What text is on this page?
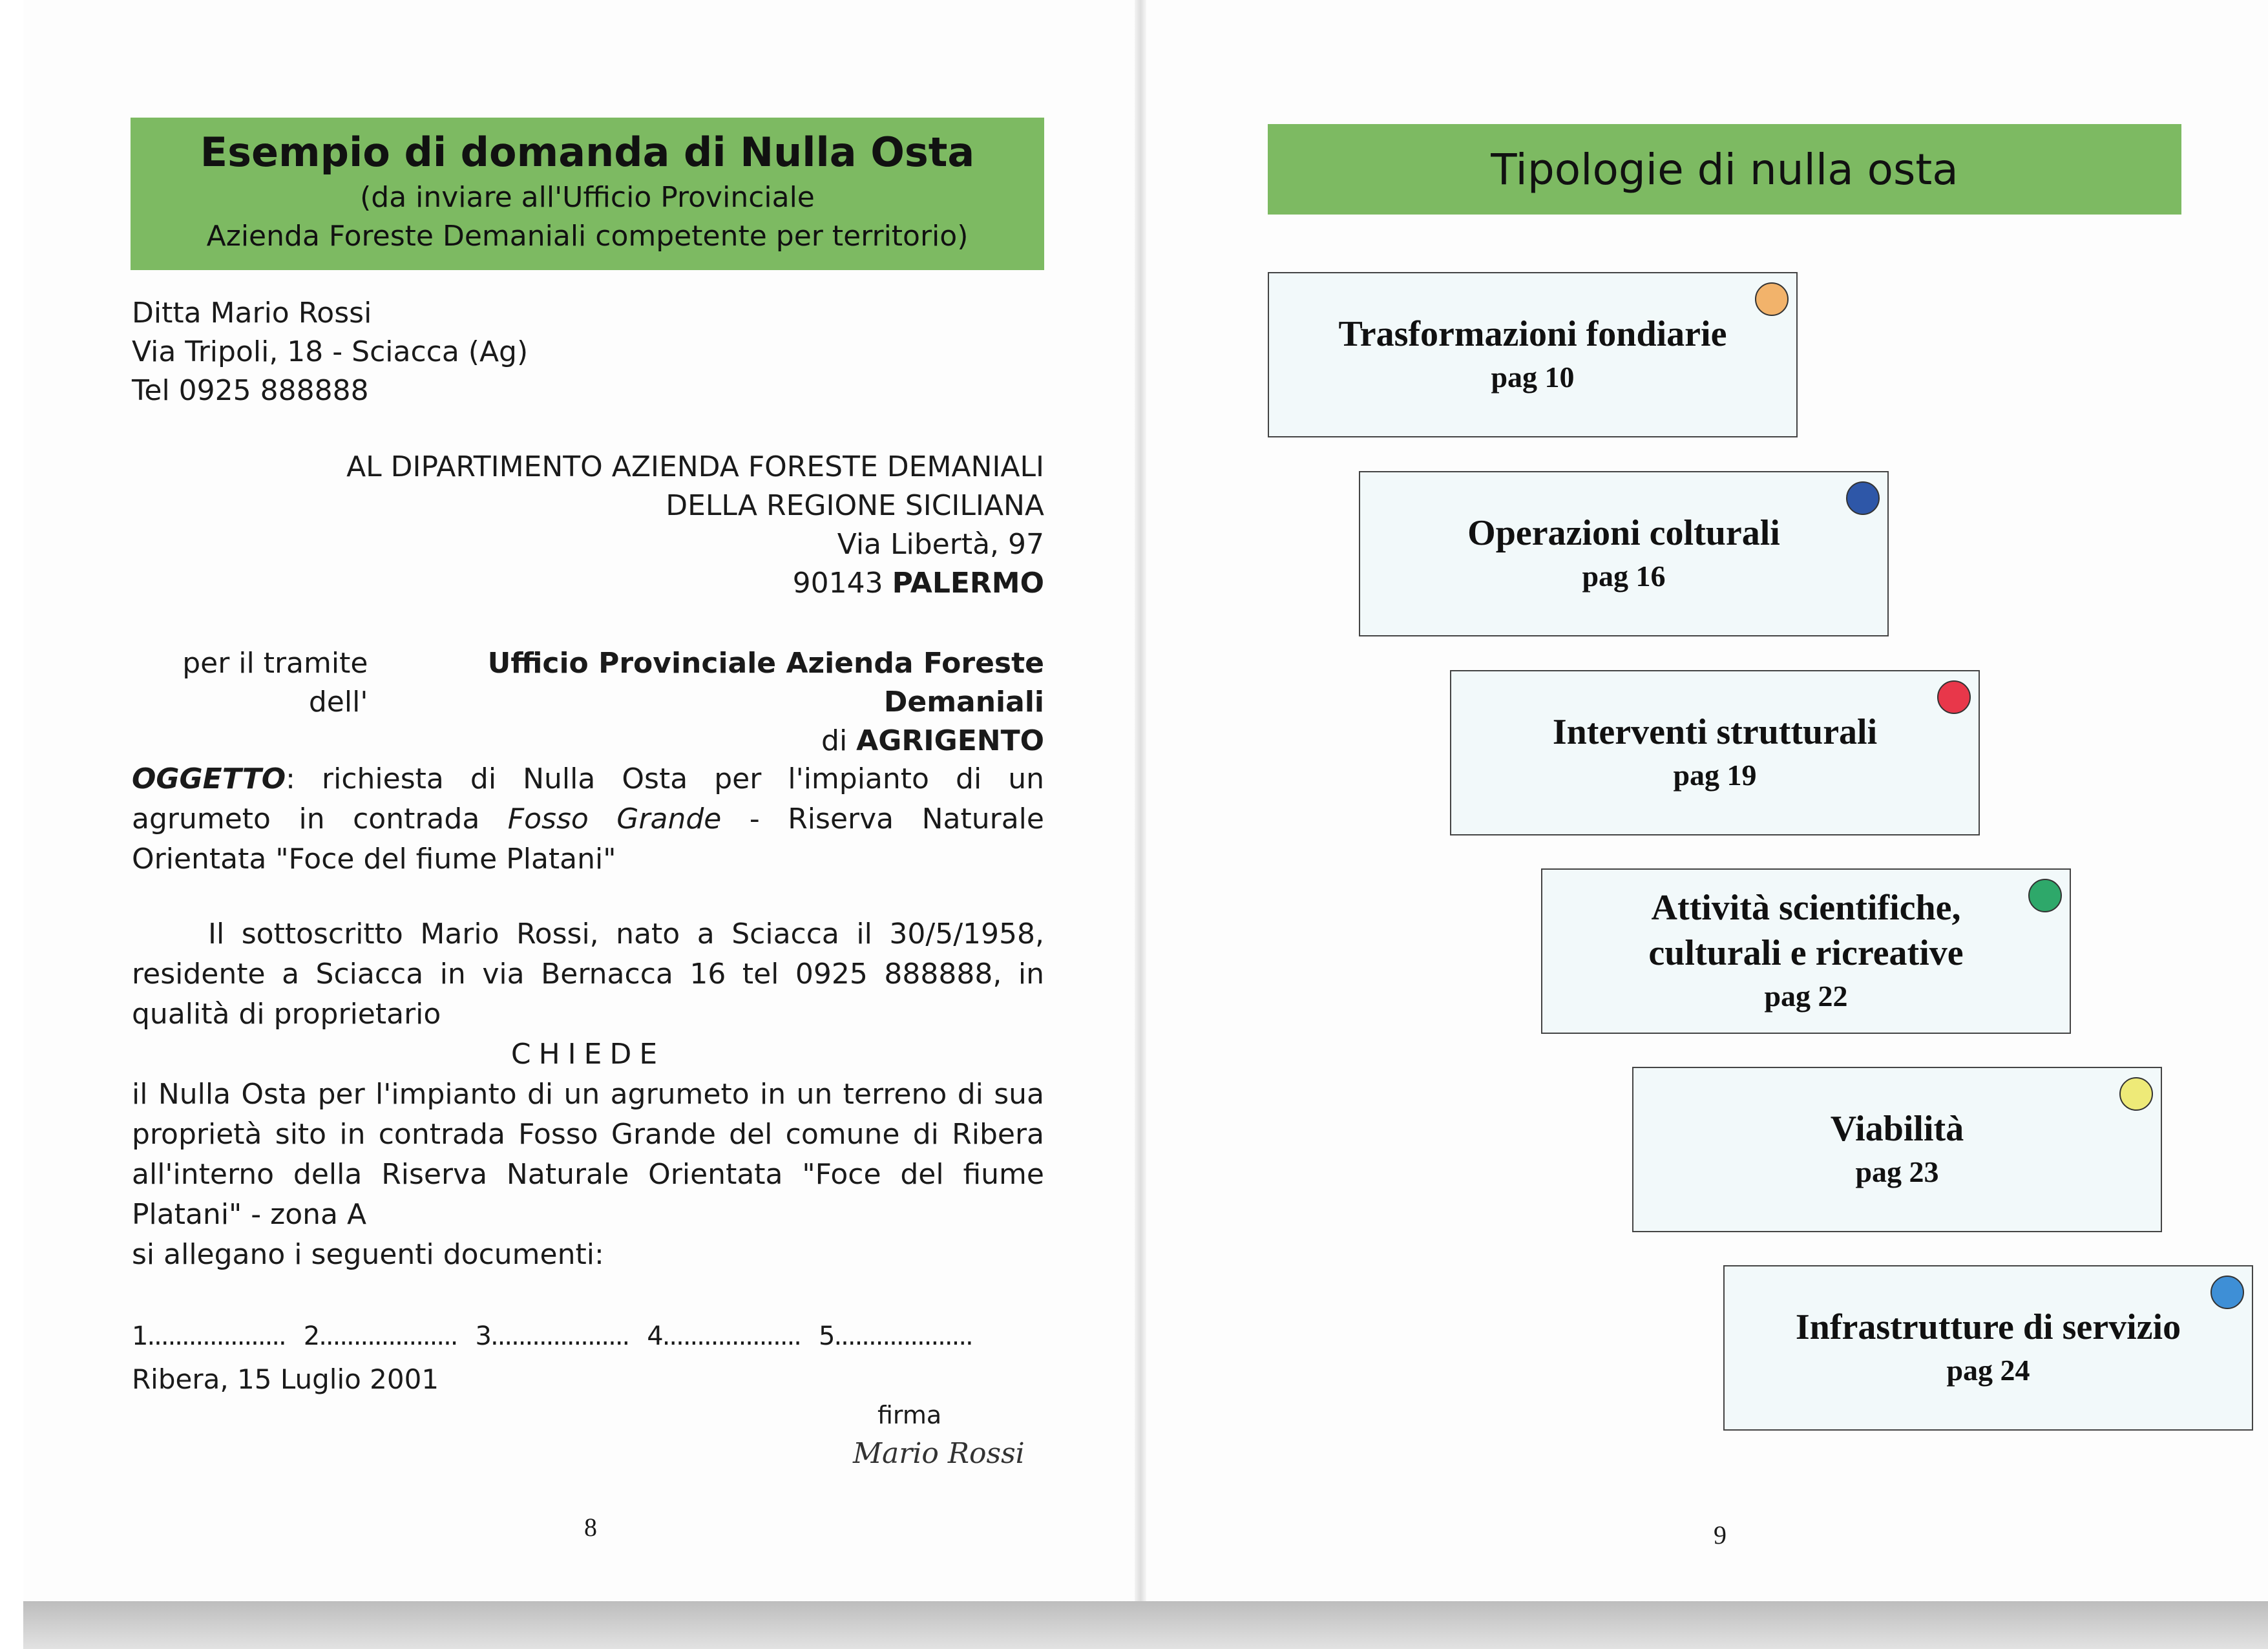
Esempio di domanda di Nulla Osta
(da inviare all'Ufficio Provinciale
Azienda Foreste Demaniali competente per territorio)
Ditta Mario Rossi
Via Tripoli, 18 - Sciacca (Ag)
Tel 0925 888888
AL DIPARTIMENTO AZIENDA FORESTE DEMANIALI
DELLA REGIONE SICILIANA
Via Libertà, 97
90143 PALERMO
per il tramite dell'
Ufficio Provinciale Azienda Foreste Demaniali
di AGRIGENTO
OGGETTO: richiesta di Nulla Osta per l'impianto di un agrumeto in contrada Fosso Grande - Riserva Naturale Orientata "Foce del fiume Platani"

Il sottoscritto Mario Rossi, nato a Sciacca il 30/5/1958, residente a Sciacca in via Bernacca 16 tel 0925 888888, in qualità di proprietario

CHIEDE

il Nulla Osta per l'impianto di un agrumeto in un terreno di sua proprietà sito in contrada Fosso Grande del comune di Ribera all'interno della Riserva Naturale Orientata "Foce del fiume Platani" - zona A

si allegano i seguenti documenti:

1.................... 2.................... 3.................... 4.................... 5....................
Ribera, 15 Luglio 2001
firma
Mario Rossi
8
Tipologie di nulla osta
Trasformazioni fondiarie
pag 10
Operazioni colturali
pag 16
Interventi strutturali
pag 19
Attività scientifiche,
culturali e ricreative
pag 22
Viabilità
pag 23
Infrastrutture di servizio
pag 24
9
